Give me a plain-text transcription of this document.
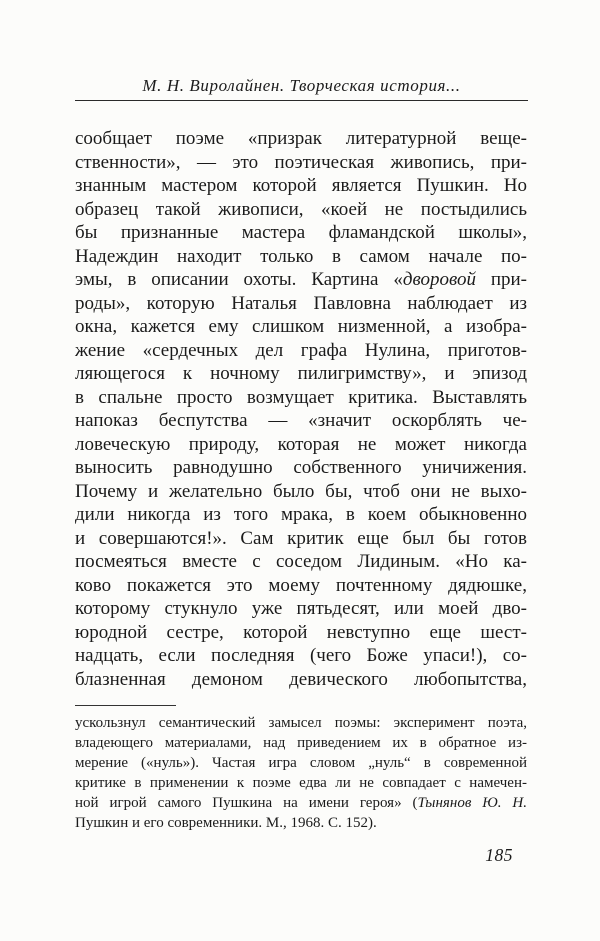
М. Н. Виролайнен. Творческая история...
сообщает поэме «призрак литературной веще-
ственности», — это поэтическая живопись, при-
знанным мастером которой является Пушкин. Но
образец такой живописи, «коей не постыдились
бы признанные мастера фламандской школы»,
Надеждин находит только в самом начале по-
эмы, в описании охоты. Картина «дворовой при-
роды», которую Наталья Павловна наблюдает из
окна, кажется ему слишком низменной, а изобра-
жение «сердечных дел графа Нулина, приготов-
ляющегося к ночному пилигримству», и эпизод
в спальне просто возмущает критика. Выставлять
напоказ беспутства — «значит оскорблять че-
ловеческую природу, которая не может никогда
выносить равнодушно собственного уничижения.
Почему и желательно было бы, чтоб они не выхо-
дили никогда из того мрака, в коем обыкновенно
и совершаются!». Сам критик еще был бы готов
посмеяться вместе с соседом Лидиным. «Но ка-
ково покажется это моему почтенному дядюшке,
которому стукнуло уже пятьдесят, или моей дво-
юродной сестре, которой невступно еще шест-
надцать, если последняя (чего Боже упаси!), со-
блазненная демоном девического любопытства,
ускользнул семантический замысел поэмы: эксперимент поэта,
владеющего материалами, над приведением их в обратное из-
мерение («нуль»). Частая игра словом „нуль“ в современной
критике в применении к поэме едва ли не совпадает с намечен-
ной игрой самого Пушкина на имени героя» (Тынянов Ю. Н.
Пушкин и его современники. М., 1968. С. 152).
185
